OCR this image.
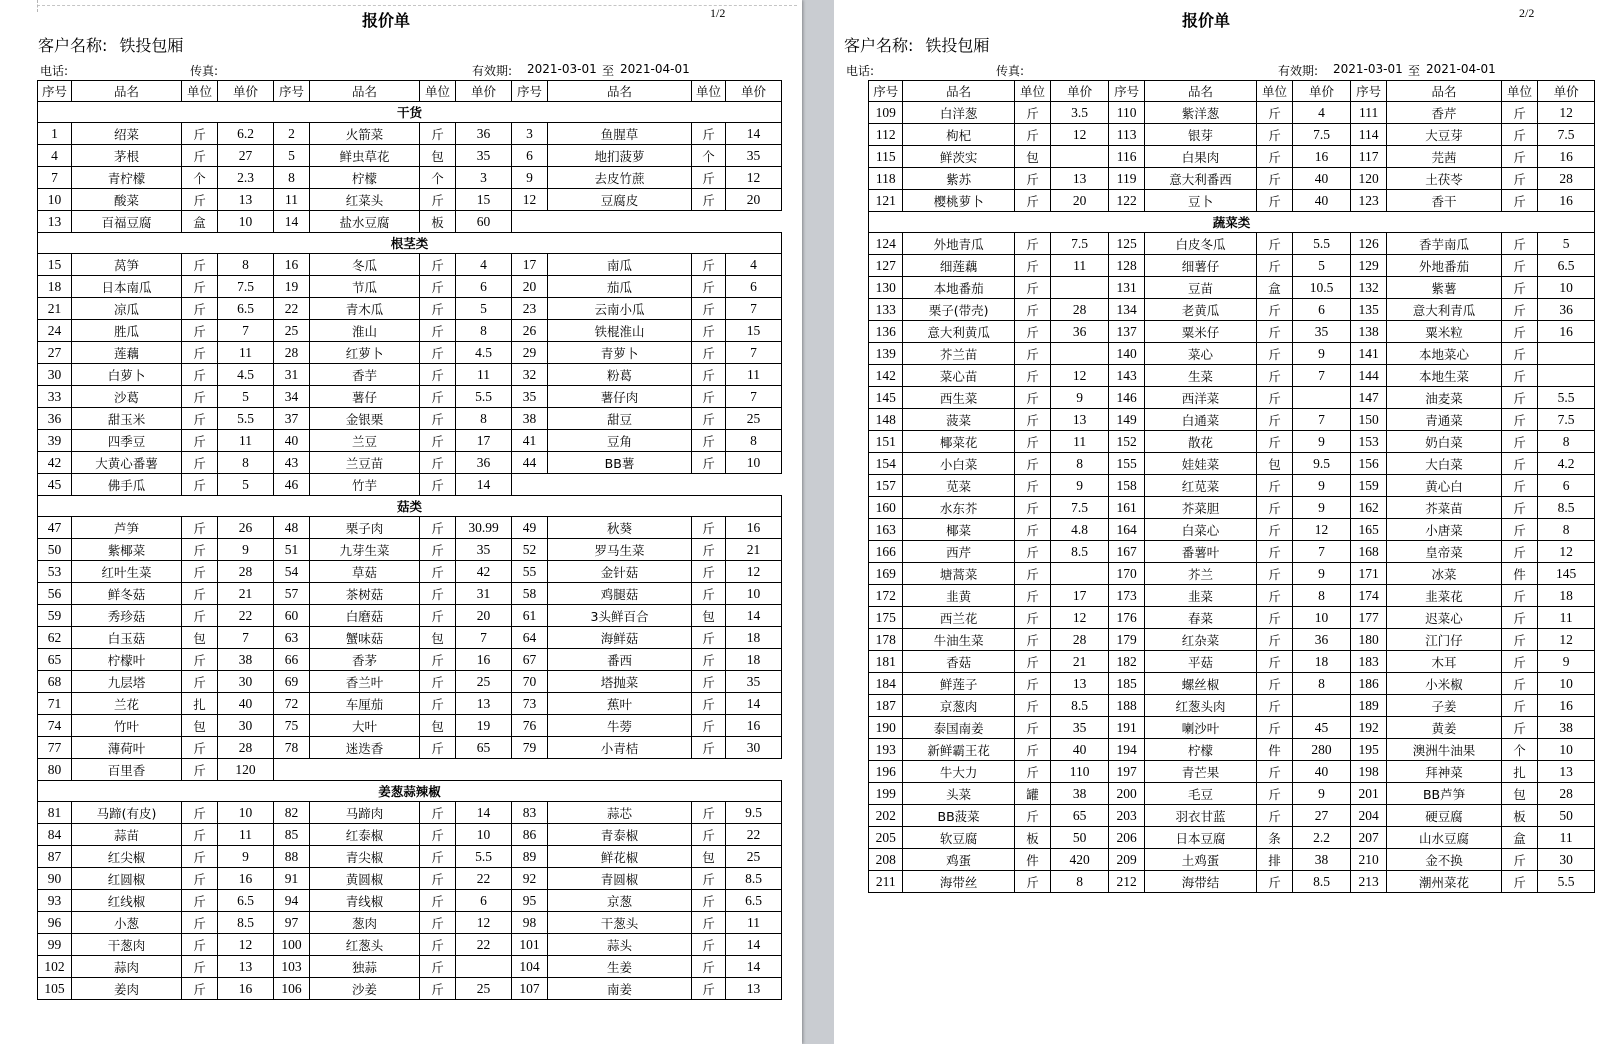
报价单	1/2
客户名称: 铁投包厢
电话:	传真:	有效期: 2021-03-01 至 2021-04-01
序号	品名	单位	单价	序号	品名	单位	单价	序号	品名	单位	单价
干货											
1	绍菜	斤	6.2	2	火箭菜	斤	36	3	鱼腥草	斤	14
4	茅根	斤	27	5	鲜虫草花	包	35	6	地扪菠萝	个	35
7	青柠檬	个	2.3	8	柠檬	个	3	9	去皮竹蔗	斤	12
10	酸菜	斤	13	11	红菜头	斤	15	12	豆腐皮	斤	20
13	百福豆腐	盒	10	14	盐水豆腐	板	60				
根茎类											
15	莴笋	斤	8	16	冬瓜	斤	4	17	南瓜	斤	4
18	日本南瓜	斤	7.5	19	节瓜	斤	6	20	茄瓜	斤	6
21	凉瓜	斤	6.5	22	青木瓜	斤	5	23	云南小瓜	斤	7
24	胜瓜	斤	7	25	淮山	斤	8	26	铁棍淮山	斤	15
27	莲藕	斤	11	28	红萝卜	斤	4.5	29	青萝卜	斤	7
30	白萝卜	斤	4.5	31	香芋	斤	11	32	粉葛	斤	11
33	沙葛	斤	5	34	薯仔	斤	5.5	35	薯仔肉	斤	7
36	甜玉米	斤	5.5	37	金银栗	斤	8	38	甜豆	斤	25
39	四季豆	斤	11	40	兰豆	斤	17	41	豆角	斤	8
42	大黄心番薯	斤	8	43	兰豆苗	斤	36	44	BB薯	斤	10
45	佛手瓜	斤	5	46	竹芋	斤	14				
菇类											
47	芦笋	斤	26	48	栗子肉	斤	30.99	49	秋葵	斤	16
50	紫椰菜	斤	9	51	九芽生菜	斤	35	52	罗马生菜	斤	21
53	红叶生菜	斤	28	54	草菇	斤	42	55	金针菇	斤	12
56	鲜冬菇	斤	21	57	茶树菇	斤	31	58	鸡腿菇	斤	10
59	秀珍菇	斤	22	60	白磨菇	斤	20	61	3头鲜百合	包	14
62	白玉菇	包	7	63	蟹味菇	包	7	64	海鲜菇	斤	18
65	柠檬叶	斤	38	66	香茅	斤	16	67	番西	斤	18
68	九层塔	斤	30	69	香兰叶	斤	25	70	塔抛菜	斤	35
71	兰花	扎	40	72	车厘茄	斤	13	73	蕉叶	斤	14
74	竹叶	包	30	75	大叶	包	19	76	牛蒡	斤	16
77	薄荷叶	斤	28	78	迷迭香	斤	65	79	小青桔	斤	30
80	百里香	斤	120								
姜葱蒜辣椒											
81	马蹄(有皮)	斤	10	82	马蹄肉	斤	14	83	蒜芯	斤	9.5
84	蒜苗	斤	11	85	红泰椒	斤	10	86	青泰椒	斤	22
87	红尖椒	斤	9	88	青尖椒	斤	5.5	89	鲜花椒	包	25
90	红圆椒	斤	16	91	黄圆椒	斤	22	92	青圆椒	斤	8.5
93	红线椒	斤	6.5	94	青线椒	斤	6	95	京葱	斤	6.5
96	小葱	斤	8.5	97	葱肉	斤	12	98	干葱头	斤	11
99	干葱肉	斤	12	100	红葱头	斤	22	101	蒜头	斤	14
102	蒜肉	斤	13	103	独蒜	斤		104	生姜	斤	14
105	姜肉	斤	16	106	沙姜	斤	25	107	南姜	斤	13
报价单	2/2
客户名称: 铁投包厢
电话:	传真:	有效期: 2021-03-01 至 2021-04-01
序号	品名	单位	单价	序号	品名	单位	单价	序号	品名	单位	单价
109	白洋葱	斤	3.5	110	紫洋葱	斤	4	111	香芹	斤	12
112	枸杞	斤	12	113	银芽	斤	7.5	114	大豆芽	斤	7.5
115	鲜茨实	包		116	白果肉	斤	16	117	芫茜	斤	16
118	紫苏	斤	13	119	意大利番西	斤	40	120	土茯苓	斤	28
121	樱桃萝卜	斤	20	122	豆卜	斤	40	123	香干	斤	16
蔬菜类											
124	外地青瓜	斤	7.5	125	白皮冬瓜	斤	5.5	126	香芋南瓜	斤	5
127	细莲藕	斤	11	128	细薯仔	斤	5	129	外地番茄	斤	6.5
130	本地番茄	斤		131	豆苗	盒	10.5	132	紫薯	斤	10
133	栗子(带壳)	斤	28	134	老黄瓜	斤	6	135	意大利青瓜	斤	36
136	意大利黄瓜	斤	36	137	粟米仔	斤	35	138	粟米粒	斤	16
139	芥兰苗	斤		140	菜心	斤	9	141	本地菜心	斤	
142	菜心苗	斤	12	143	生菜	斤	7	144	本地生菜	斤	
145	西生菜	斤	9	146	西洋菜	斤		147	油麦菜	斤	5.5
148	菠菜	斤	13	149	白通菜	斤	7	150	青通菜	斤	7.5
151	椰菜花	斤	11	152	散花	斤	9	153	奶白菜	斤	8
154	小白菜	斤	8	155	娃娃菜	包	9.5	156	大白菜	斤	4.2
157	苋菜	斤	9	158	红苋菜	斤	9	159	黄心白	斤	6
160	水东芥	斤	7.5	161	芥菜胆	斤	9	162	芥菜苗	斤	8.5
163	椰菜	斤	4.8	164	白菜心	斤	12	165	小唐菜	斤	8
166	西芹	斤	8.5	167	番薯叶	斤	7	168	皇帝菜	斤	12
169	塘蒿菜	斤		170	芥兰	斤	9	171	冰菜	件	145
172	韭黄	斤	17	173	韭菜	斤	8	174	韭菜花	斤	18
175	西兰花	斤	12	176	春菜	斤	10	177	迟菜心	斤	11
178	牛油生菜	斤	28	179	红杂菜	斤	36	180	江门仔	斤	12
181	香菇	斤	21	182	平菇	斤	18	183	木耳	斤	9
184	鲜莲子	斤	13	185	螺丝椒	斤	8	186	小米椒	斤	10
187	京葱肉	斤	8.5	188	红葱头肉	斤		189	子姜	斤	16
190	泰国南姜	斤	35	191	喇沙叶	斤	45	192	黄姜	斤	38
193	新鲜霸王花	斤	40	194	柠檬	件	280	195	澳洲牛油果	个	10
196	牛大力	斤	110	197	青芒果	斤	40	198	拜神菜	扎	13
199	头菜	罐	38	200	毛豆	斤	9	201	BB芦笋	包	28
202	BB菠菜	斤	65	203	羽衣甘蓝	斤	27	204	硬豆腐	板	50
205	软豆腐	板	50	206	日本豆腐	条	2.2	207	山水豆腐	盒	11
208	鸡蛋	件	420	209	土鸡蛋	排	38	210	金不换	斤	30
211	海带丝	斤	8	212	海带结	斤	8.5	213	潮州菜花	斤	5.5
